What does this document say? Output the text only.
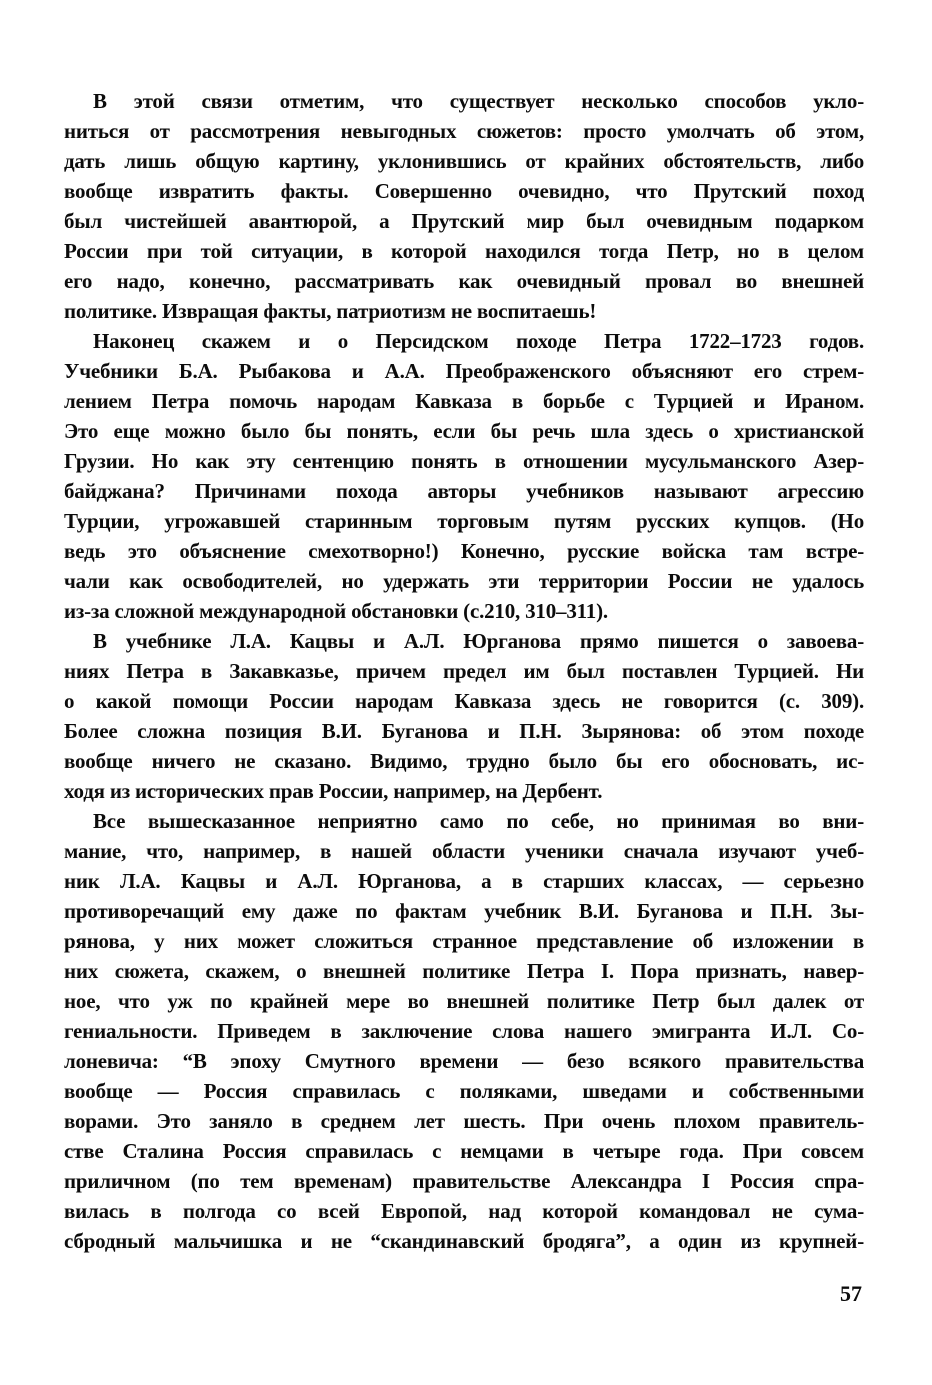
В этой связи отметим, что существует несколько способов укло-
ниться от рассмотрения невыгодных сюжетов: просто умолчать об этом,
дать лишь общую картину, уклонившись от крайних обстоятельств, либо
вообще извратить факты. Совершенно очевидно, что Прутский поход
был чистейшей авантюрой, а Прутский мир был очевидным подарком
России при той ситуации, в которой находился тогда Петр, но в целом
его надо, конечно, рассматривать как очевидный провал во внешней
политике. Извращая факты, патриотизм не воспитаешь!
Наконец скажем и о Персидском походе Петра 1722–1723 годов.
Учебники Б.А. Рыбакова и А.А. Преображенского объясняют его стрем-
лением Петра помочь народам Кавказа в борьбе с Турцией и Ираном.
Это еще можно было бы понять, если бы речь шла здесь о христианской
Грузии. Но как эту сентенцию понять в отношении мусульманского Азер-
байджана? Причинами похода авторы учебников называют агрессию
Турции, угрожавшей старинным торговым путям русских купцов. (Но
ведь это объяснение смехотворно!) Конечно, русские войска там встре-
чали как освободителей, но удержать эти территории России не удалось
из-за сложной международной обстановки (с.210, 310–311).
В учебнике Л.А. Кацвы и А.Л. Юрганова прямо пишется о завоева-
ниях Петра в Закавказье, причем предел им был поставлен Турцией. Ни
о какой помощи России народам Кавказа здесь не говорится (с. 309).
Более сложна позиция В.И. Буганова и П.Н. Зырянова: об этом походе
вообще ничего не сказано. Видимо, трудно было бы его обосновать, ис-
ходя из исторических прав России, например, на Дербент.
Все вышесказанное неприятно само по себе, но принимая во вни-
мание, что, например, в нашей области ученики сначала изучают учеб-
ник Л.А. Кацвы и А.Л. Юрганова, а в старших классах, — серьезно
противоречащий ему даже по фактам учебник В.И. Буганова и П.Н. Зы-
рянова, у них может сложиться странное представление об изложении в
них сюжета, скажем, о внешней политике Петра I. Пора признать, навер-
ное, что уж по крайней мере во внешней политике Петр был далек от
гениальности. Приведем в заключение слова нашего эмигранта И.Л. Со-
лоневича: “В эпоху Смутного времени — безо всякого правительства
вообще — Россия справилась с поляками, шведами и собственными
ворами. Это заняло в среднем лет шесть. При очень плохом правитель-
стве Сталина Россия справилась с немцами в четыре года. При совсем
приличном (по тем временам) правительстве Александра I Россия спра-
вилась в полгода со всей Европой, над которой командовал не сума-
сбродный мальчишка и не “скандинавский бродяга”, а один из крупней-
57
